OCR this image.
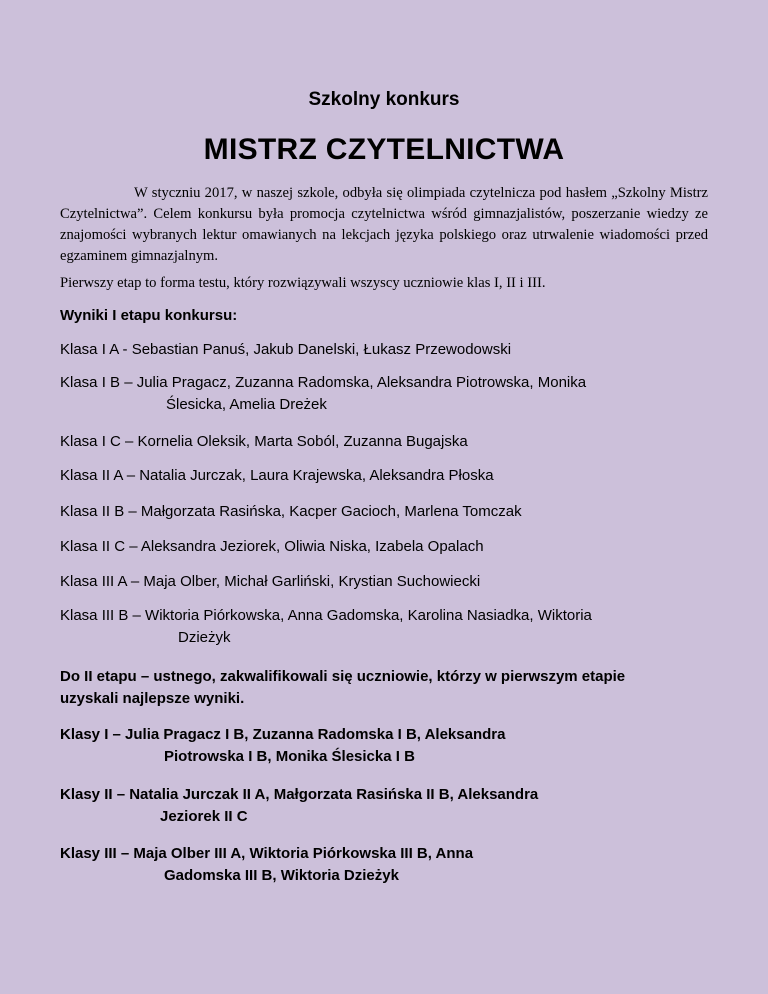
Szkolny konkurs
MISTRZ CZYTELNICTWA

W styczniu 2017, w naszej szkole, odbyła się olimpiada czytelnicza pod hasłem „Szkolny Mistrz Czytelnictwa”. Celem konkursu była promocja czytelnictwa wśród gimnazjalistów, poszerzanie wiedzy ze znajomości wybranych lektur omawianych na lekcjach języka polskiego oraz utrwalenie wiadomości przed egzaminem gimnazjalnym.

Pierwszy etap to forma testu, który rozwiązywali wszyscy uczniowie klas I, II i III.

Wyniki I etapu konkursu:

Klasa I A - Sebastian Panuś, Jakub Danelski, Łukasz Przewodowski

Klasa I B – Julia Pragacz, Zuzanna Radomska, Aleksandra Piotrowska, Monika
Ślesicka, Amelia Dreżek

Klasa I C – Kornelia Oleksik, Marta Soból, Zuzanna Bugajska

Klasa II A – Natalia Jurczak, Laura Krajewska, Aleksandra Płoska

Klasa II B – Małgorzata Rasińska, Kacper Gacioch, Marlena Tomczak

Klasa II C – Aleksandra Jeziorek, Oliwia Niska, Izabela Opalach

Klasa III A – Maja Olber, Michał Garliński, Krystian Suchowiecki

Klasa III B – Wiktoria Piórkowska, Anna Gadomska, Karolina Nasiadka, Wiktoria
Dzieżyk

Do II etapu – ustnego, zakwalifikowali się uczniowie, którzy w pierwszym etapie
uzyskali najlepsze wyniki.

Klasy I – Julia Pragacz I B, Zuzanna Radomska I B, Aleksandra
Piotrowska I B, Monika Ślesicka I B

Klasy II – Natalia Jurczak II A, Małgorzata Rasińska II B, Aleksandra
Jeziorek II C

Klasy III – Maja Olber III A, Wiktoria Piórkowska III B, Anna
Gadomska III B, Wiktoria Dzieżyk
